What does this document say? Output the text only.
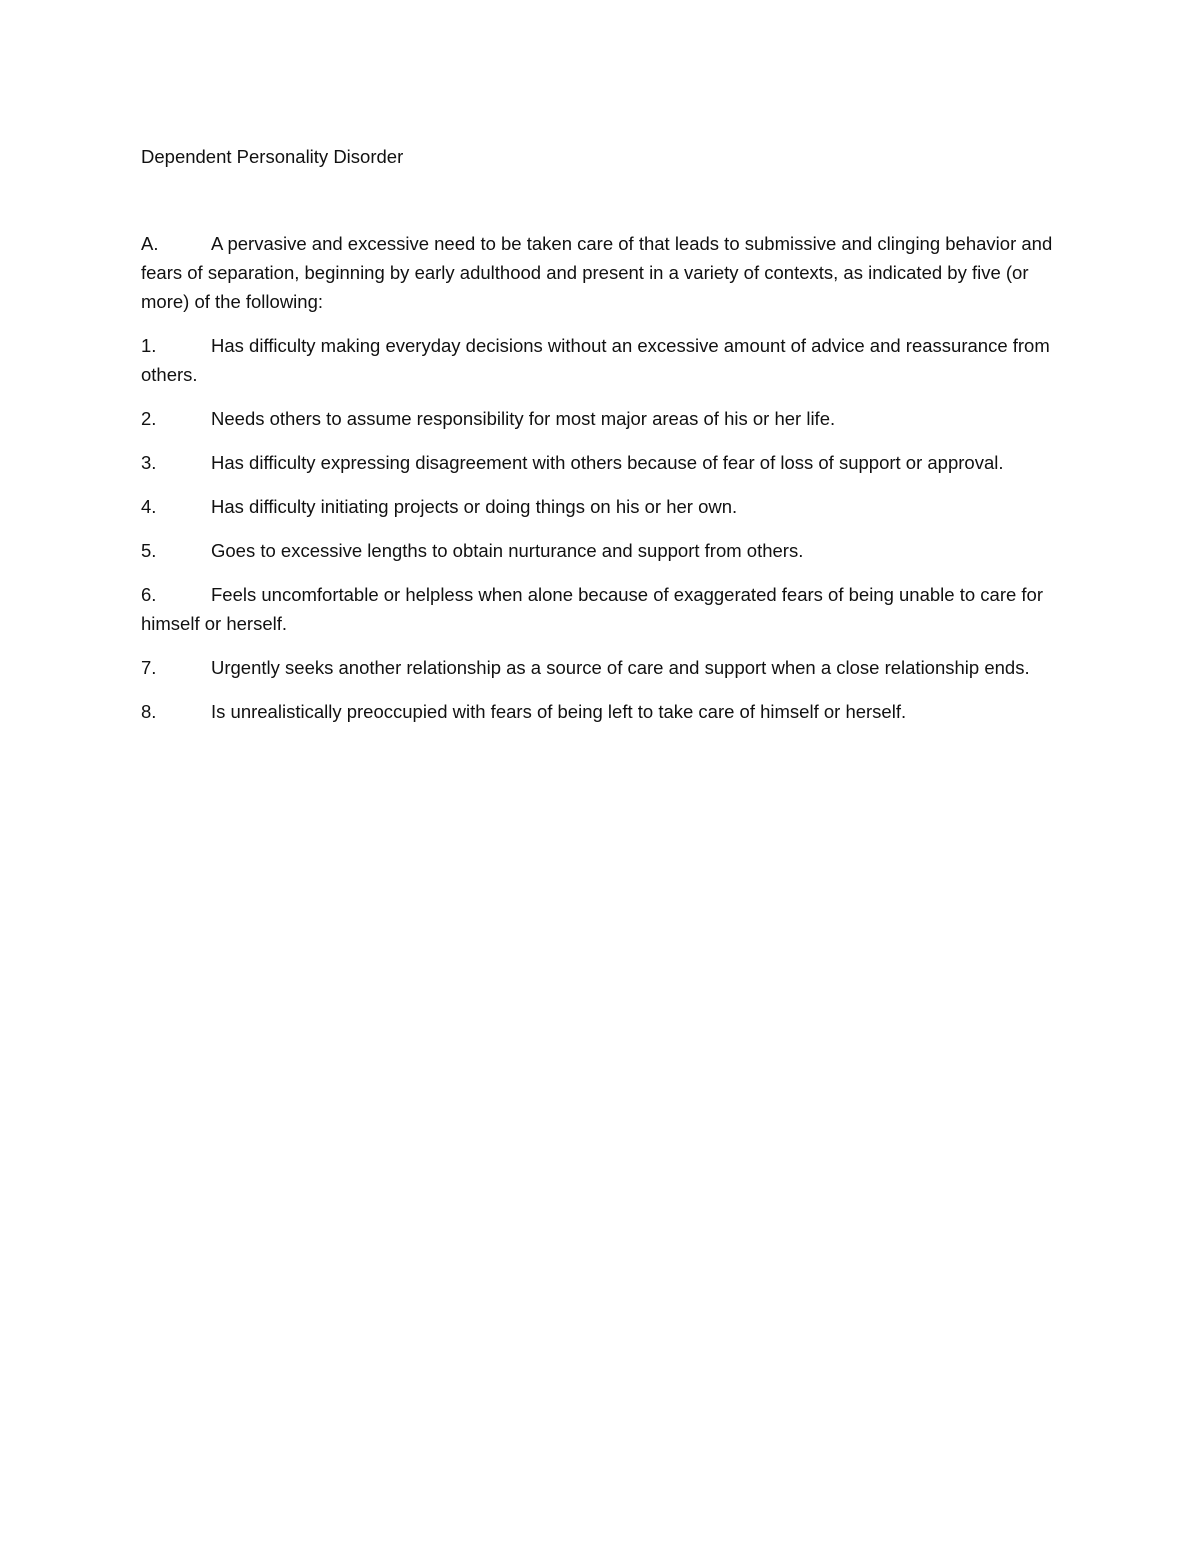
Dependent Personality Disorder

A.	A pervasive and excessive need to be taken care of that leads to submissive and clinging behavior and fears of separation, beginning by early adulthood and present in a variety of contexts, as indicated by five (or more) of the following:

1.	Has difficulty making everyday decisions without an excessive amount of advice and reassurance from others.

2.	Needs others to assume responsibility for most major areas of his or her life.

3.	Has difficulty expressing disagreement with others because of fear of loss of support or approval.

4.	Has difficulty initiating projects or doing things on his or her own.

5.	Goes to excessive lengths to obtain nurturance and support from others.

6.	Feels uncomfortable or helpless when alone because of exaggerated fears of being unable to care for himself or herself.

7.	Urgently seeks another relationship as a source of care and support when a close relationship ends.

8.	Is unrealistically preoccupied with fears of being left to take care of himself or herself.
